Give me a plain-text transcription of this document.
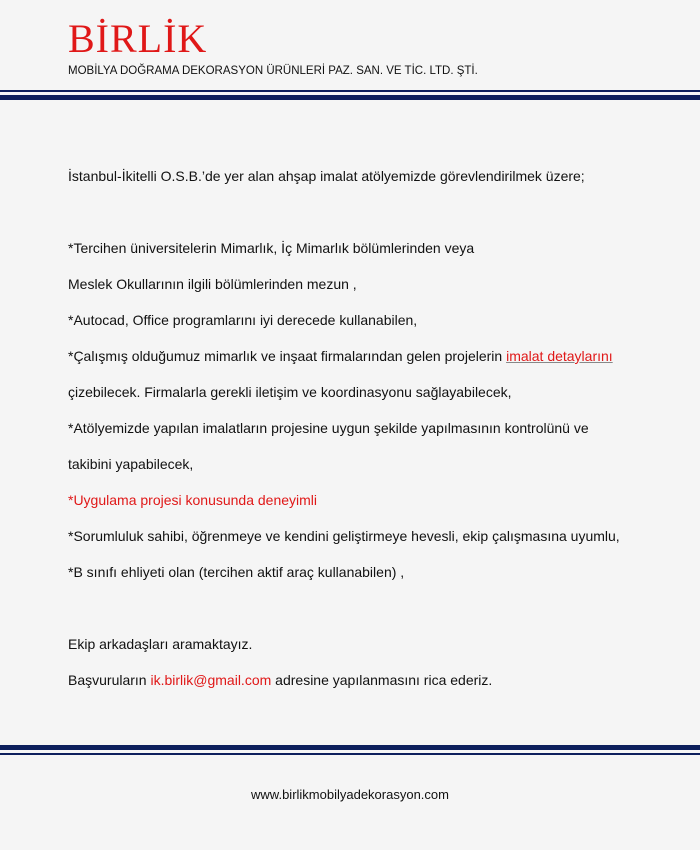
BİRLİK
MOBİLYA DOĞRAMA DEKORASYON ÜRÜNLERİ PAZ. SAN. VE TİC. LTD. ŞTİ.
İstanbul-İkitelli O.S.B.’de yer alan ahşap imalat atölyemizde görevlendirilmek üzere;
*Tercihen üniversitelerin Mimarlık, İç Mimarlık bölümlerinden veya
Meslek Okullarının ilgili bölümlerinden mezun ,
*Autocad, Office programlarını iyi derecede kullanabilen,
*Çalışmış olduğumuz mimarlık ve inşaat firmalarından gelen projelerin imalat detaylarını
çizebilecek. Firmalarla gerekli iletişim ve koordinasyonu sağlayabilecek,
*Atölyemizde yapılan imalatların projesine uygun şekilde yapılmasının kontrolünü ve
takibini yapabilecek,
*Uygulama projesi konusunda deneyimli
*Sorumluluk sahibi, öğrenmeye ve kendini geliştirmeye hevesli, ekip çalışmasına uyumlu,
*B sınıfı ehliyeti olan (tercihen aktif araç kullanabilen) ,
Ekip arkadaşları aramaktayız.
Başvuruların ik.birlik@gmail.com adresine yapılanmasını rica ederiz.
www.birlikmobilyadekorasyon.com
